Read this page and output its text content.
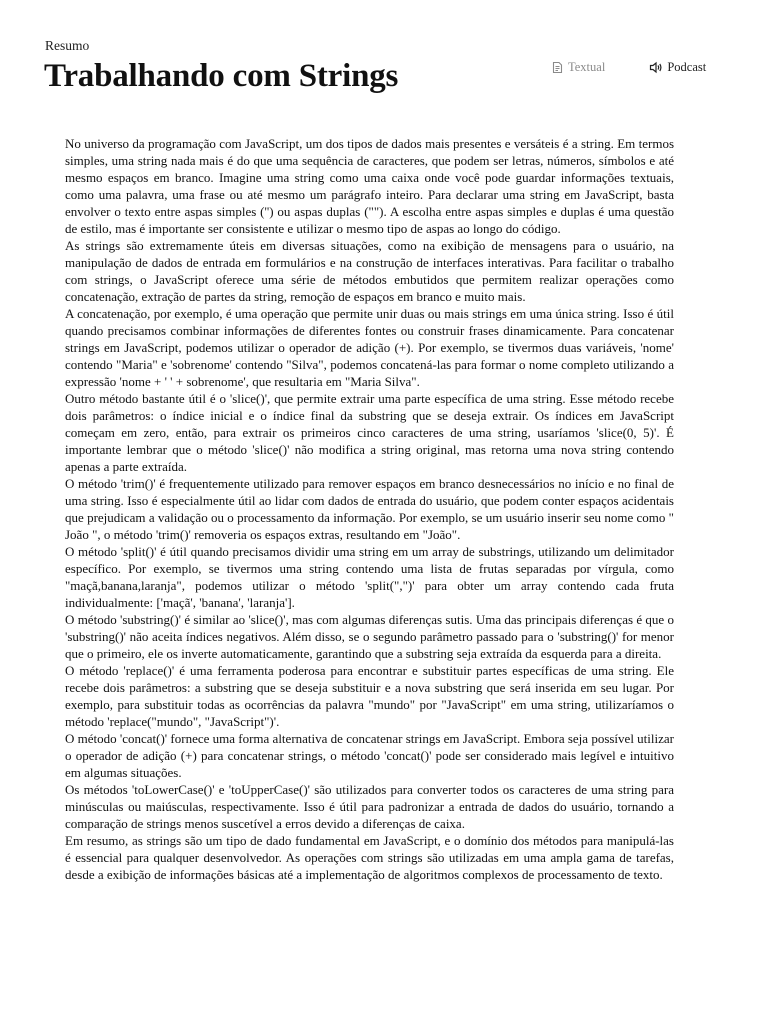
Resumo
Trabalhando com Strings	Textual	Podcast

No universo da programação com JavaScript, um dos tipos de dados mais presentes e versáteis é a string. Em termos simples, uma string nada mais é do que uma sequência de caracteres, que podem ser letras, números, símbolos e até mesmo espaços em branco. Imagine uma string como uma caixa onde você pode guardar informações textuais, como uma palavra, uma frase ou até mesmo um parágrafo inteiro. Para declarar uma string em JavaScript, basta envolver o texto entre aspas simples ('') ou aspas duplas (""). A escolha entre aspas simples e duplas é uma questão de estilo, mas é importante ser consistente e utilizar o mesmo tipo de aspas ao longo do código.

As strings são extremamente úteis em diversas situações, como na exibição de mensagens para o usuário, na manipulação de dados de entrada em formulários e na construção de interfaces interativas. Para facilitar o trabalho com strings, o JavaScript oferece uma série de métodos embutidos que permitem realizar operações como concatenação, extração de partes da string, remoção de espaços em branco e muito mais.

A concatenação, por exemplo, é uma operação que permite unir duas ou mais strings em uma única string. Isso é útil quando precisamos combinar informações de diferentes fontes ou construir frases dinamicamente. Para concatenar strings em JavaScript, podemos utilizar o operador de adição (+). Por exemplo, se tivermos duas variáveis, 'nome' contendo "Maria" e 'sobrenome' contendo "Silva", podemos concatená-las para formar o nome completo utilizando a expressão 'nome + ' ' + sobrenome', que resultaria em "Maria Silva".

Outro método bastante útil é o 'slice()', que permite extrair uma parte específica de uma string. Esse método recebe dois parâmetros: o índice inicial e o índice final da substring que se deseja extrair. Os índices em JavaScript começam em zero, então, para extrair os primeiros cinco caracteres de uma string, usaríamos 'slice(0, 5)'. É importante lembrar que o método 'slice()' não modifica a string original, mas retorna uma nova string contendo apenas a parte extraída.

O método 'trim()' é frequentemente utilizado para remover espaços em branco desnecessários no início e no final de uma string. Isso é especialmente útil ao lidar com dados de entrada do usuário, que podem conter espaços acidentais que prejudicam a validação ou o processamento da informação. Por exemplo, se um usuário inserir seu nome como " João ", o método 'trim()' removeria os espaços extras, resultando em "João".

O método 'split()' é útil quando precisamos dividir uma string em um array de substrings, utilizando um delimitador específico. Por exemplo, se tivermos uma string contendo uma lista de frutas separadas por vírgula, como "maçã,banana,laranja", podemos utilizar o método 'split(",")' para obter um array contendo cada fruta individualmente: ['maçã', 'banana', 'laranja'].

O método 'substring()' é similar ao 'slice()', mas com algumas diferenças sutis. Uma das principais diferenças é que o 'substring()' não aceita índices negativos. Além disso, se o segundo parâmetro passado para o 'substring()' for menor que o primeiro, ele os inverte automaticamente, garantindo que a substring seja extraída da esquerda para a direita.

O método 'replace()' é uma ferramenta poderosa para encontrar e substituir partes específicas de uma string. Ele recebe dois parâmetros: a substring que se deseja substituir e a nova substring que será inserida em seu lugar. Por exemplo, para substituir todas as ocorrências da palavra "mundo" por "JavaScript" em uma string, utilizaríamos o método 'replace("mundo", "JavaScript")'.

O método 'concat()' fornece uma forma alternativa de concatenar strings em JavaScript. Embora seja possível utilizar o operador de adição (+) para concatenar strings, o método 'concat()' pode ser considerado mais legível e intuitivo em algumas situações.

Os métodos 'toLowerCase()' e 'toUpperCase()' são utilizados para converter todos os caracteres de uma string para minúsculas ou maiúsculas, respectivamente. Isso é útil para padronizar a entrada de dados do usuário, tornando a comparação de strings menos suscetível a erros devido a diferenças de caixa.

Em resumo, as strings são um tipo de dado fundamental em JavaScript, e o domínio dos métodos para manipulá-las é essencial para qualquer desenvolvedor. As operações com strings são utilizadas em uma ampla gama de tarefas, desde a exibição de informações básicas até a implementação de algoritmos complexos de processamento de texto.
